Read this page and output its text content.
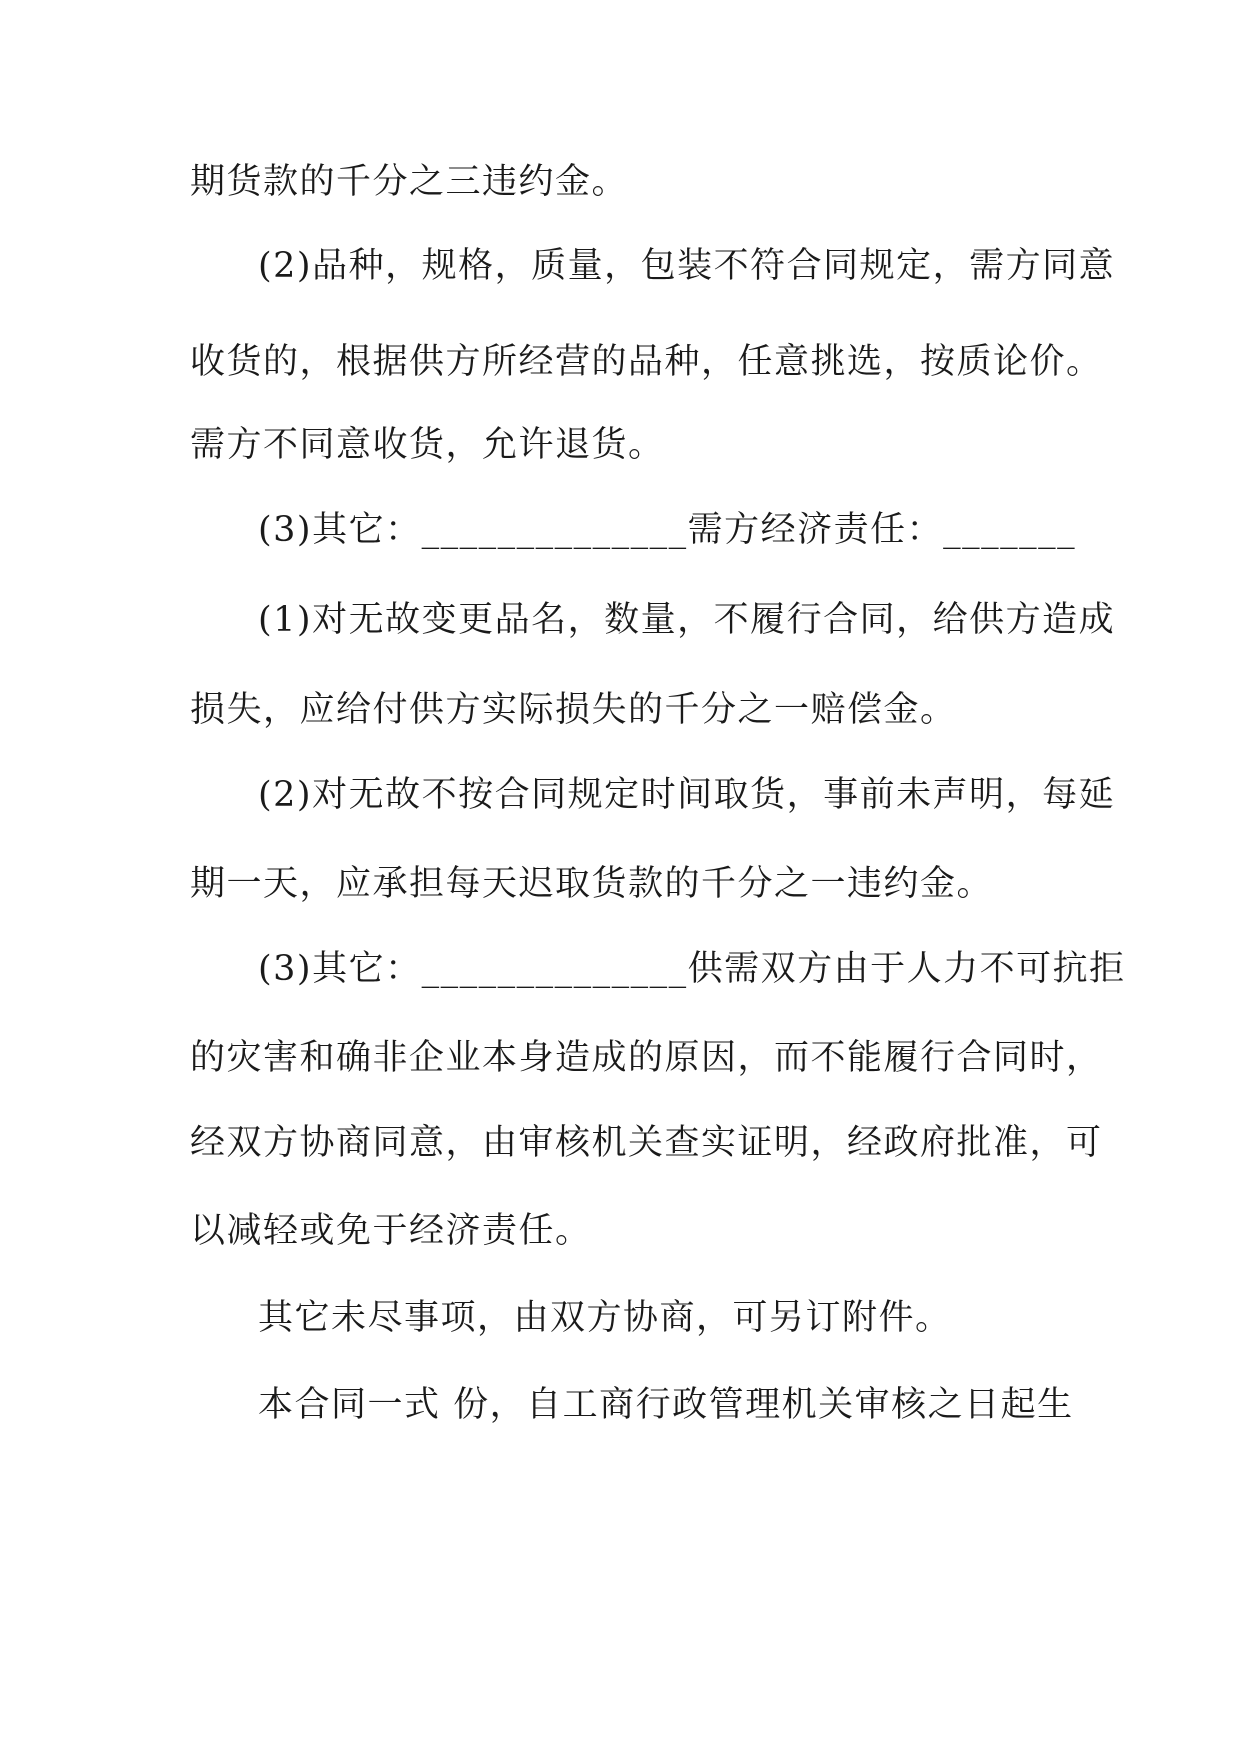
期货款的千分之三违约金。
(2)品种，规格，质量，包装不符合同规定，需方同意
收货的，根据供方所经营的品种，任意挑选，按质论价。
需方不同意收货，允许退货。
(3)其它：______________需方经济责任：_______
(1)对无故变更品名，数量，不履行合同，给供方造成
损失，应给付供方实际损失的千分之一赔偿金。
(2)对无故不按合同规定时间取货，事前未声明，每延
期一天，应承担每天迟取货款的千分之一违约金。
(3)其它：______________供需双方由于人力不可抗拒
的灾害和确非企业本身造成的原因，而不能履行合同时，
经双方协商同意，由审核机关查实证明，经政府批准，可
以减轻或免于经济责任。
其它未尽事项，由双方协商，可另订附件。
本合同一式 份，自工商行政管理机关审核之日起生
